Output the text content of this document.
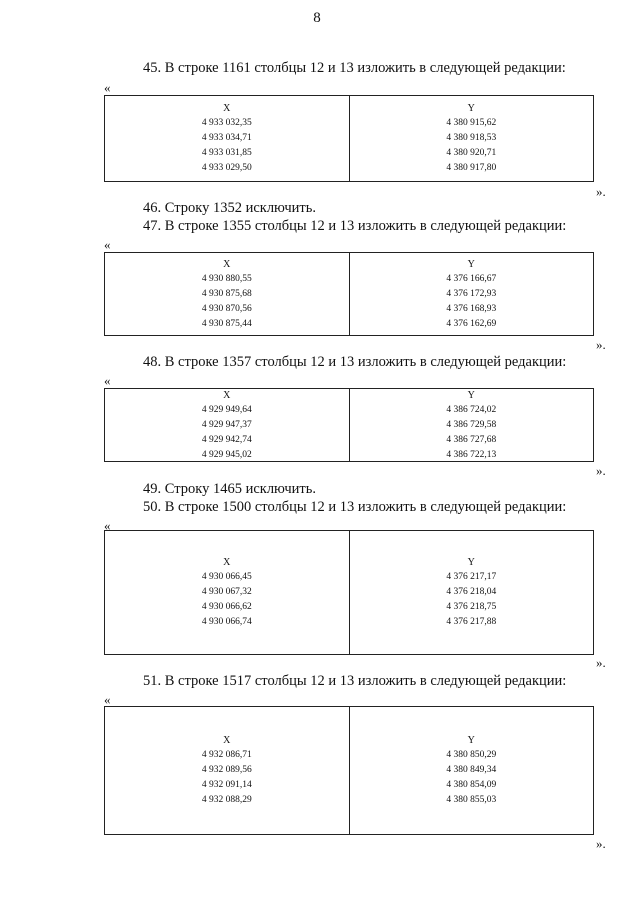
8
45. В строке 1161 столбцы 12 и 13 изложить в следующей редакции:
«
X
4 933 032,35
4 933 034,71
4 933 031,85
4 933 029,50
Y
4 380 915,62
4 380 918,53
4 380 920,71
4 380 917,80
».
46. Строку 1352 исключить.
47. В строке 1355 столбцы 12 и 13 изложить в следующей редакции:
«
X
4 930 880,55
4 930 875,68
4 930 870,56
4 930 875,44
Y
4 376 166,67
4 376 172,93
4 376 168,93
4 376 162,69
».
48. В строке 1357 столбцы 12 и 13 изложить в следующей редакции:
«
X
4 929 949,64
4 929 947,37
4 929 942,74
4 929 945,02
Y
4 386 724,02
4 386 729,58
4 386 727,68
4 386 722,13
».
49. Строку 1465 исключить.
50. В строке 1500 столбцы 12 и 13 изложить в следующей редакции:
«
X
4 930 066,45
4 930 067,32
4 930 066,62
4 930 066,74
Y
4 376 217,17
4 376 218,04
4 376 218,75
4 376 217,88
».
51. В строке 1517 столбцы 12 и 13 изложить в следующей редакции:
«
X
4 932 086,71
4 932 089,56
4 932 091,14
4 932 088,29
Y
4 380 850,29
4 380 849,34
4 380 854,09
4 380 855,03
».
